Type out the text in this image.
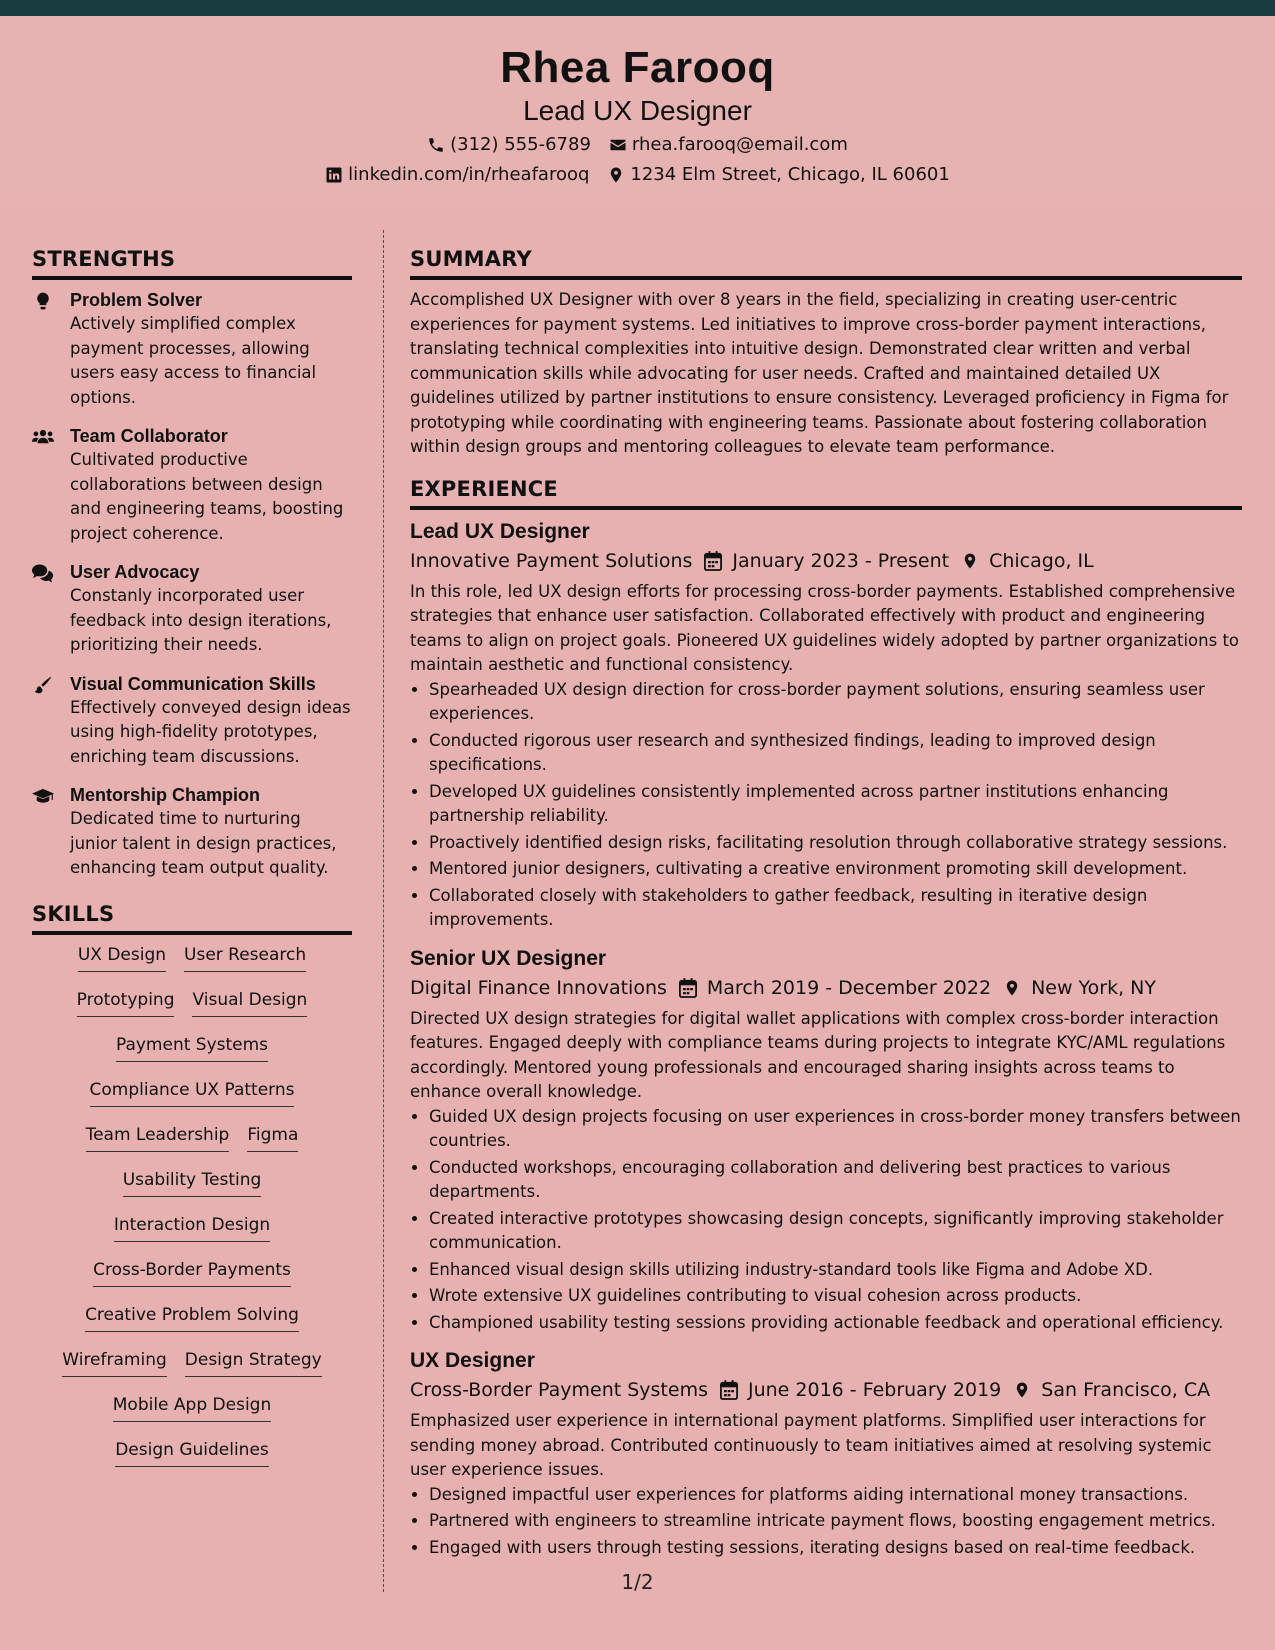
Rhea Farooq
Lead UX Designer
(312) 555-6789 rhea.farooq@email.com
linkedin.com/in/rheafarooq 1234 Elm Street, Chicago, IL 60601
STRENGTHS
Problem Solver
Actively simplified complex payment processes, allowing users easy access to financial options.
Team Collaborator
Cultivated productive collaborations between design and engineering teams, boosting project coherence.
User Advocacy
Constanly incorporated user feedback into design iterations, prioritizing their needs.
Visual Communication Skills
Effectively conveyed design ideas using high-fidelity prototypes, enriching team discussions.
Mentorship Champion
Dedicated time to nurturing junior talent in design practices, enhancing team output quality.
SKILLS
UX Design User Research
Prototyping Visual Design
Payment Systems
Compliance UX Patterns
Team Leadership Figma
Usability Testing
Interaction Design
Cross-Border Payments
Creative Problem Solving
Wireframing Design Strategy
Mobile App Design
Design Guidelines
SUMMARY
Accomplished UX Designer with over 8 years in the field, specializing in creating user-centric experiences for payment systems. Led initiatives to improve cross-border payment interactions, translating technical complexities into intuitive design. Demonstrated clear written and verbal communication skills while advocating for user needs. Crafted and maintained detailed UX guidelines utilized by partner institutions to ensure consistency. Leveraged proficiency in Figma for prototyping while coordinating with engineering teams. Passionate about fostering collaboration within design groups and mentoring colleagues to elevate team performance.
EXPERIENCE
Lead UX Designer
Innovative Payment Solutions January 2023 - Present Chicago, IL
In this role, led UX design efforts for processing cross-border payments. Established comprehensive strategies that enhance user satisfaction. Collaborated effectively with product and engineering teams to align on project goals. Pioneered UX guidelines widely adopted by partner organizations to maintain aesthetic and functional consistency.
• Spearheaded UX design direction for cross-border payment solutions, ensuring seamless user experiences.
• Conducted rigorous user research and synthesized findings, leading to improved design specifications.
• Developed UX guidelines consistently implemented across partner institutions enhancing partnership reliability.
• Proactively identified design risks, facilitating resolution through collaborative strategy sessions.
• Mentored junior designers, cultivating a creative environment promoting skill development.
• Collaborated closely with stakeholders to gather feedback, resulting in iterative design improvements.
Senior UX Designer
Digital Finance Innovations March 2019 - December 2022 New York, NY
Directed UX design strategies for digital wallet applications with complex cross-border interaction features. Engaged deeply with compliance teams during projects to integrate KYC/AML regulations accordingly. Mentored young professionals and encouraged sharing insights across teams to enhance overall knowledge.
• Guided UX design projects focusing on user experiences in cross-border money transfers between countries.
• Conducted workshops, encouraging collaboration and delivering best practices to various departments.
• Created interactive prototypes showcasing design concepts, significantly improving stakeholder communication.
• Enhanced visual design skills utilizing industry-standard tools like Figma and Adobe XD.
• Wrote extensive UX guidelines contributing to visual cohesion across products.
• Championed usability testing sessions providing actionable feedback and operational efficiency.
UX Designer
Cross-Border Payment Systems June 2016 - February 2019 San Francisco, CA
Emphasized user experience in international payment platforms. Simplified user interactions for sending money abroad. Contributed continuously to team initiatives aimed at resolving systemic user experience issues.
• Designed impactful user experiences for platforms aiding international money transactions.
• Partnered with engineers to streamline intricate payment flows, boosting engagement metrics.
• Engaged with users through testing sessions, iterating designs based on real-time feedback.
1/2
